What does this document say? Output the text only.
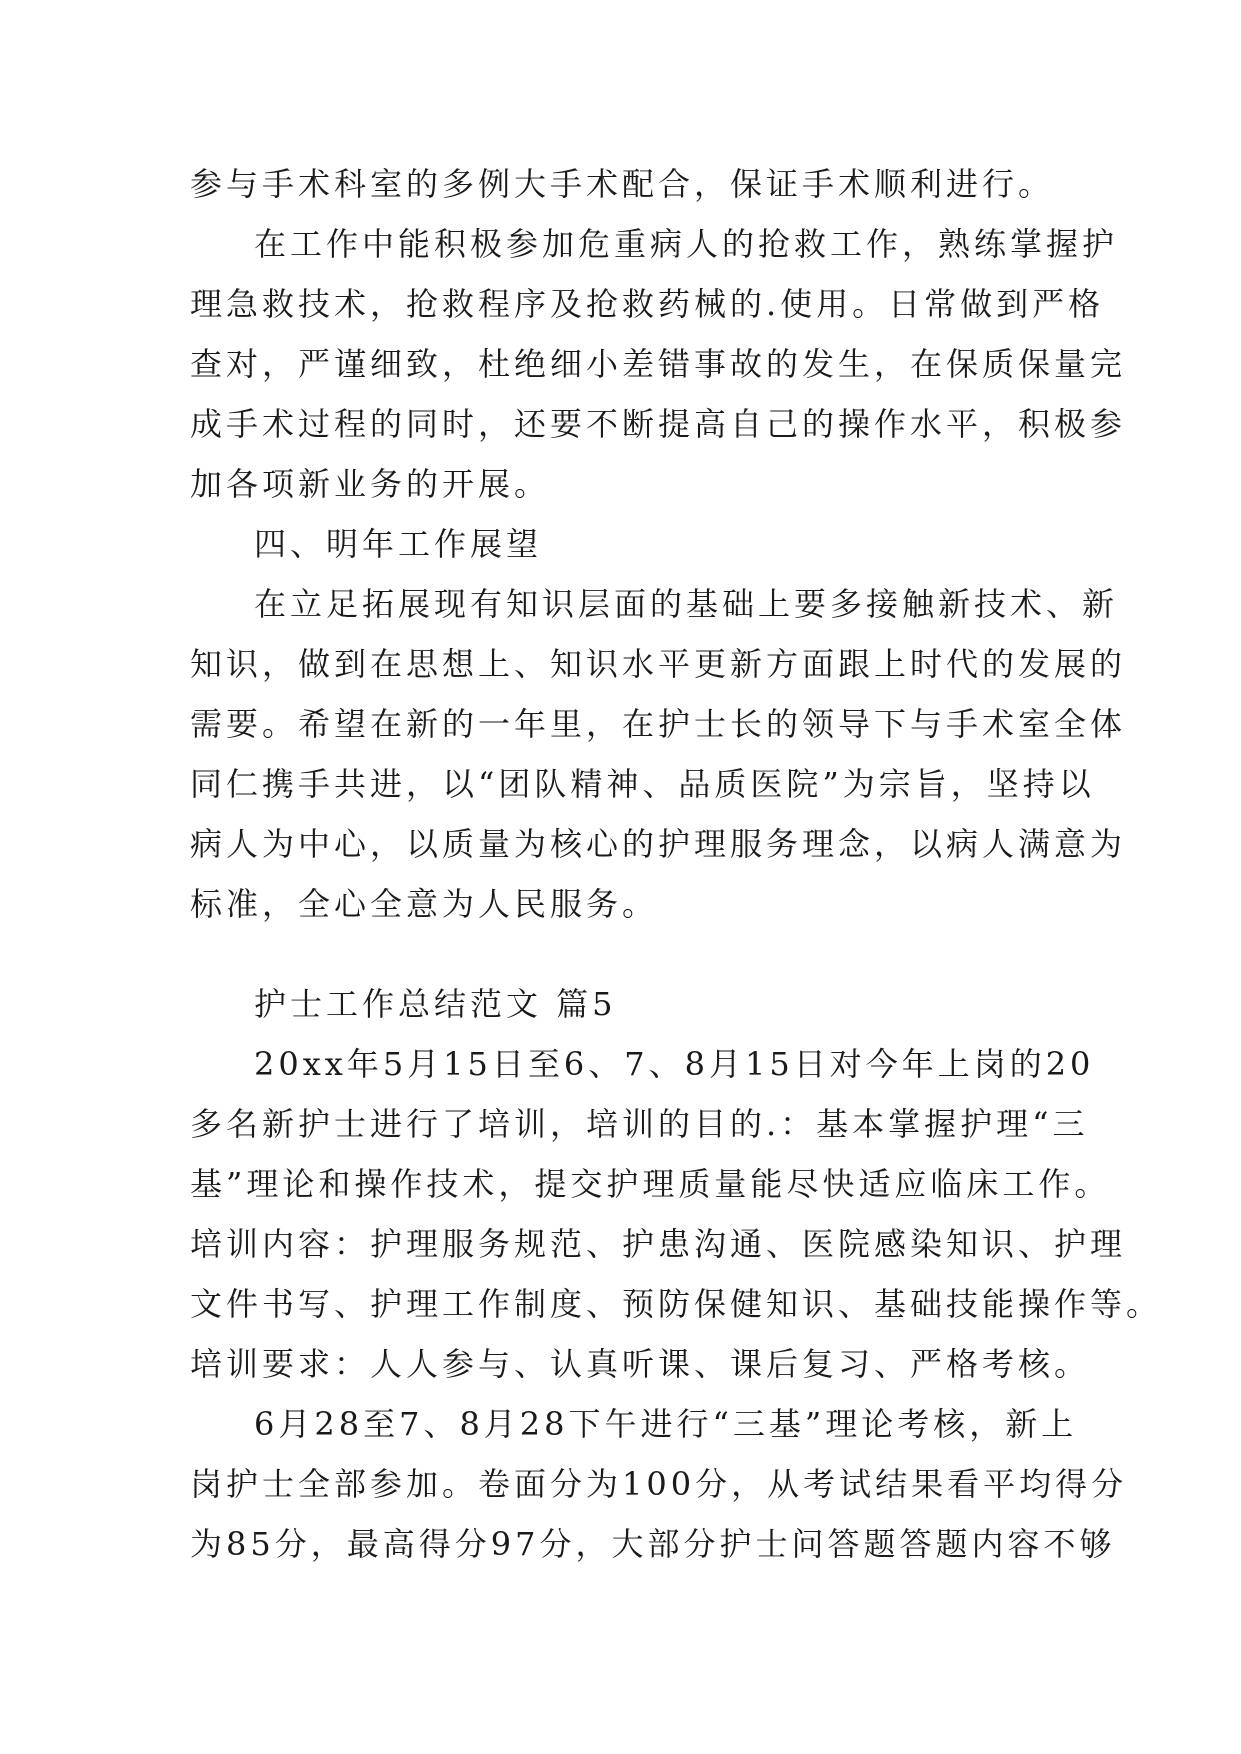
参与手术科室的多例大手术配合，保证手术顺利进行。
在工作中能积极参加危重病人的抢救工作，熟练掌握护
理急救技术，抢救程序及抢救药械的.使用。日常做到严格
查对，严谨细致，杜绝细小差错事故的发生，在保质保量完
成手术过程的同时，还要不断提高自己的操作水平，积极参
加各项新业务的开展。
四、明年工作展望
在立足拓展现有知识层面的基础上要多接触新技术、新
知识，做到在思想上、知识水平更新方面跟上时代的发展的
需要。希望在新的一年里，在护士长的领导下与手术室全体
同仁携手共进，以“团队精神、品质医院”为宗旨，坚持以
病人为中心，以质量为核心的护理服务理念，以病人满意为
标准，全心全意为人民服务。
护士工作总结范文 篇5
20xx年5月15日至6、7、8月15日对今年上岗的20
多名新护士进行了培训，培训的目的.：基本掌握护理“三
基”理论和操作技术，提交护理质量能尽快适应临床工作。
培训内容：护理服务规范、护患沟通、医院感染知识、护理
文件书写、护理工作制度、预防保健知识、基础技能操作等。
培训要求：人人参与、认真听课、课后复习、严格考核。
6月28至7、8月28下午进行“三基”理论考核，新上
岗护士全部参加。卷面分为100分，从考试结果看平均得分
为85分，最高得分97分，大部分护士问答题答题内容不够
